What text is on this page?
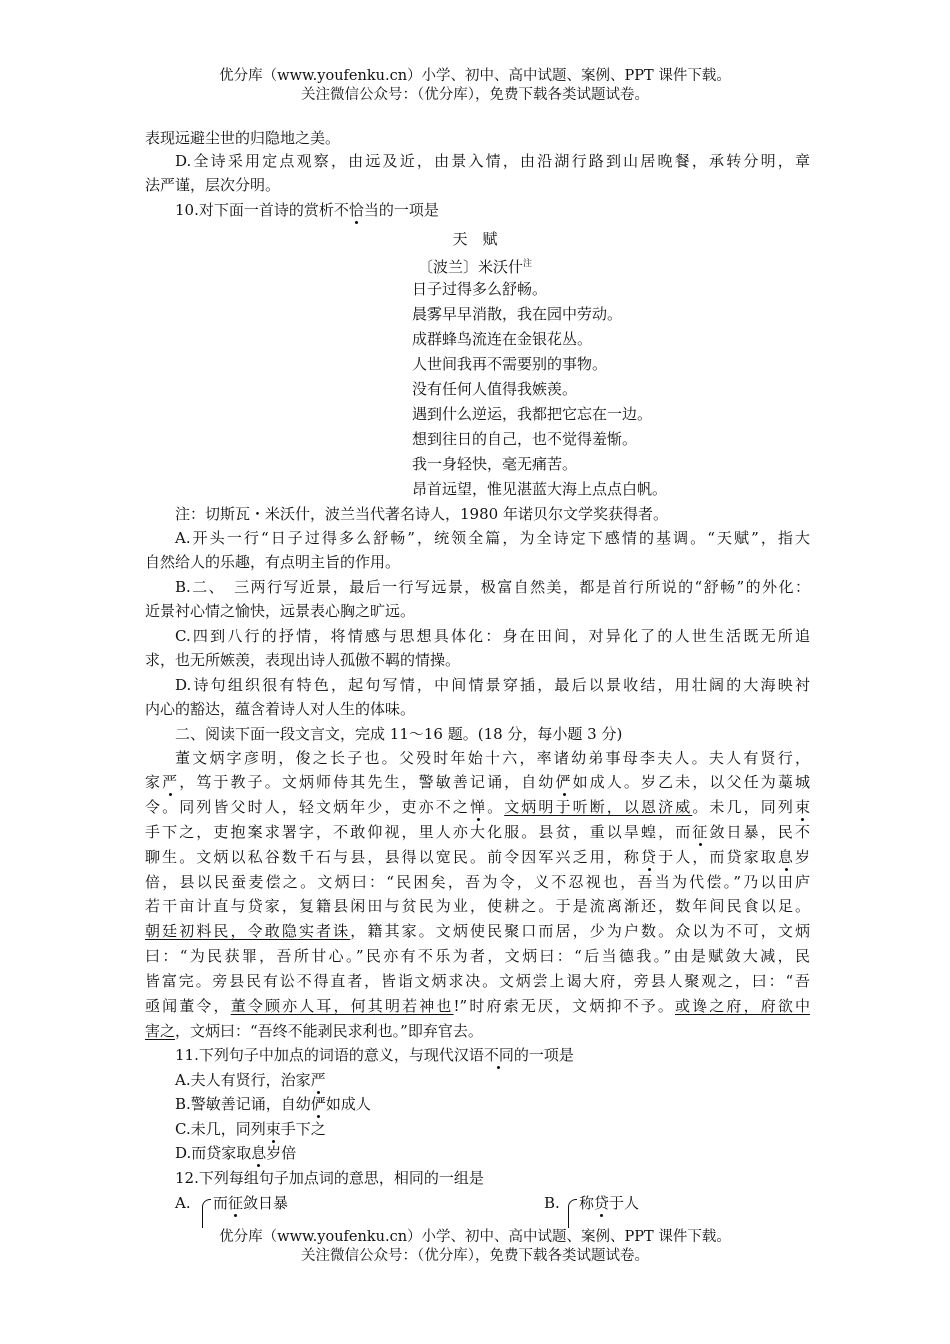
优分库（www.youfenku.cn）小学、初中、高中试题、案例、PPT 课件下载。
关注微信公众号：（优分库），免费下载各类试题试卷。
表现远避尘世的归隐地之美。
D.全诗采用定点观察，由远及近，由景入情，由沿湖行路到山居晚餐，承转分明，章
法严谨，层次分明。
10.对下面一首诗的赏析不恰当的一项是
天　赋
〔波兰〕米沃什$^注$
日子过得多么舒畅。
晨雾早早消散，我在园中劳动。
成群蜂鸟流连在金银花丛。
人世间我再不需要别的事物。
没有任何人值得我嫉羡。
遇到什么逆运，我都把它忘在一边。
想到往日的自己，也不觉得羞惭。
我一身轻快，毫无痛苦。
昂首远望，惟见湛蓝大海上点点白帆。
注：切斯瓦・米沃什，波兰当代著名诗人，1980 年诺贝尔文学奖获得者。
A.开头一行“日子过得多么舒畅”，统领全篇，为全诗定下感情的基调。“天赋”，指大
自然给人的乐趣，有点明主旨的作用。
B.二、　三两行写近景，最后一行写远景，极富自然美，都是首行所说的“舒畅”的外化：
近景衬心情之愉快，远景表心胸之旷远。
C.四到八行的抒情，将情感与思想具体化：身在田间，对异化了的人世生活既无所追
求，也无所嫉羡，表现出诗人孤傲不羁的情操。
D.诗句组织很有特色，起句写情，中间情景穿插，最后以景收结，用壮阔的大海映衬
内心的豁达，蕴含着诗人对人生的体味。
二、阅读下面一段文言文，完成 11～16 题。(18 分，每小题 3 分)
董文炳字彦明，俊之长子也。父殁时年始十六，率诸幼弟事母李夫人。夫人有贤行，
家严，笃于教子。文炳师侍其先生，警敏善记诵，自幼俨如成人。岁乙未，以父任为藁城
令。同列皆父时人，轻文炳年少，吏亦不之惮。文炳明于听断，以恩济威。未几，同列束
手下之，吏抱案求署字，不敢仰视，里人亦大化服。县贫，重以旱蝗，而征敛日暴，民不
聊生。文炳以私谷数千石与县，县得以宽民。前令因军兴乏用，称贷于人，而贷家取息岁
倍，县以民蚕麦偿之。文炳曰：“民困矣，吾为令，义不忍视也，吾当为代偿。”乃以田庐
若干亩计直与贷家，复籍县闲田与贫民为业，使耕之。于是流离渐还，数年间民食以足。
朝廷初料民，令敢隐实者诛，籍其家。文炳使民聚口而居，少为户数。众以为不可，文炳
曰：“为民获罪，吾所甘心。”民亦有不乐为者，文炳曰：“后当德我。”由是赋敛大减，民
皆富完。旁县民有讼不得直者，皆诣文炳求决。文炳尝上谒大府，旁县人聚观之，曰：“吾
亟闻董令，董令顾亦人耳，何其明若神也!”时府索无厌，文炳抑不予。或谗之府，府欲中
害之，文炳曰：“吾终不能剥民求利也。”即弃官去。
11.下列句子中加点的词语的意义，与现代汉语不同的一项是
A.夫人有贤行，治家严
B.警敏善记诵，自幼俨如成人
C.未几，同列束手下之
D.而贷家取息岁倍
12.下列每组句子加点词的意思，相同的一组是
A.	而征敛日暴	B.	称贷于人
优分库（www.youfenku.cn）小学、初中、高中试题、案例、PPT 课件下载。
关注微信公众号：（优分库），免费下载各类试题试卷。
